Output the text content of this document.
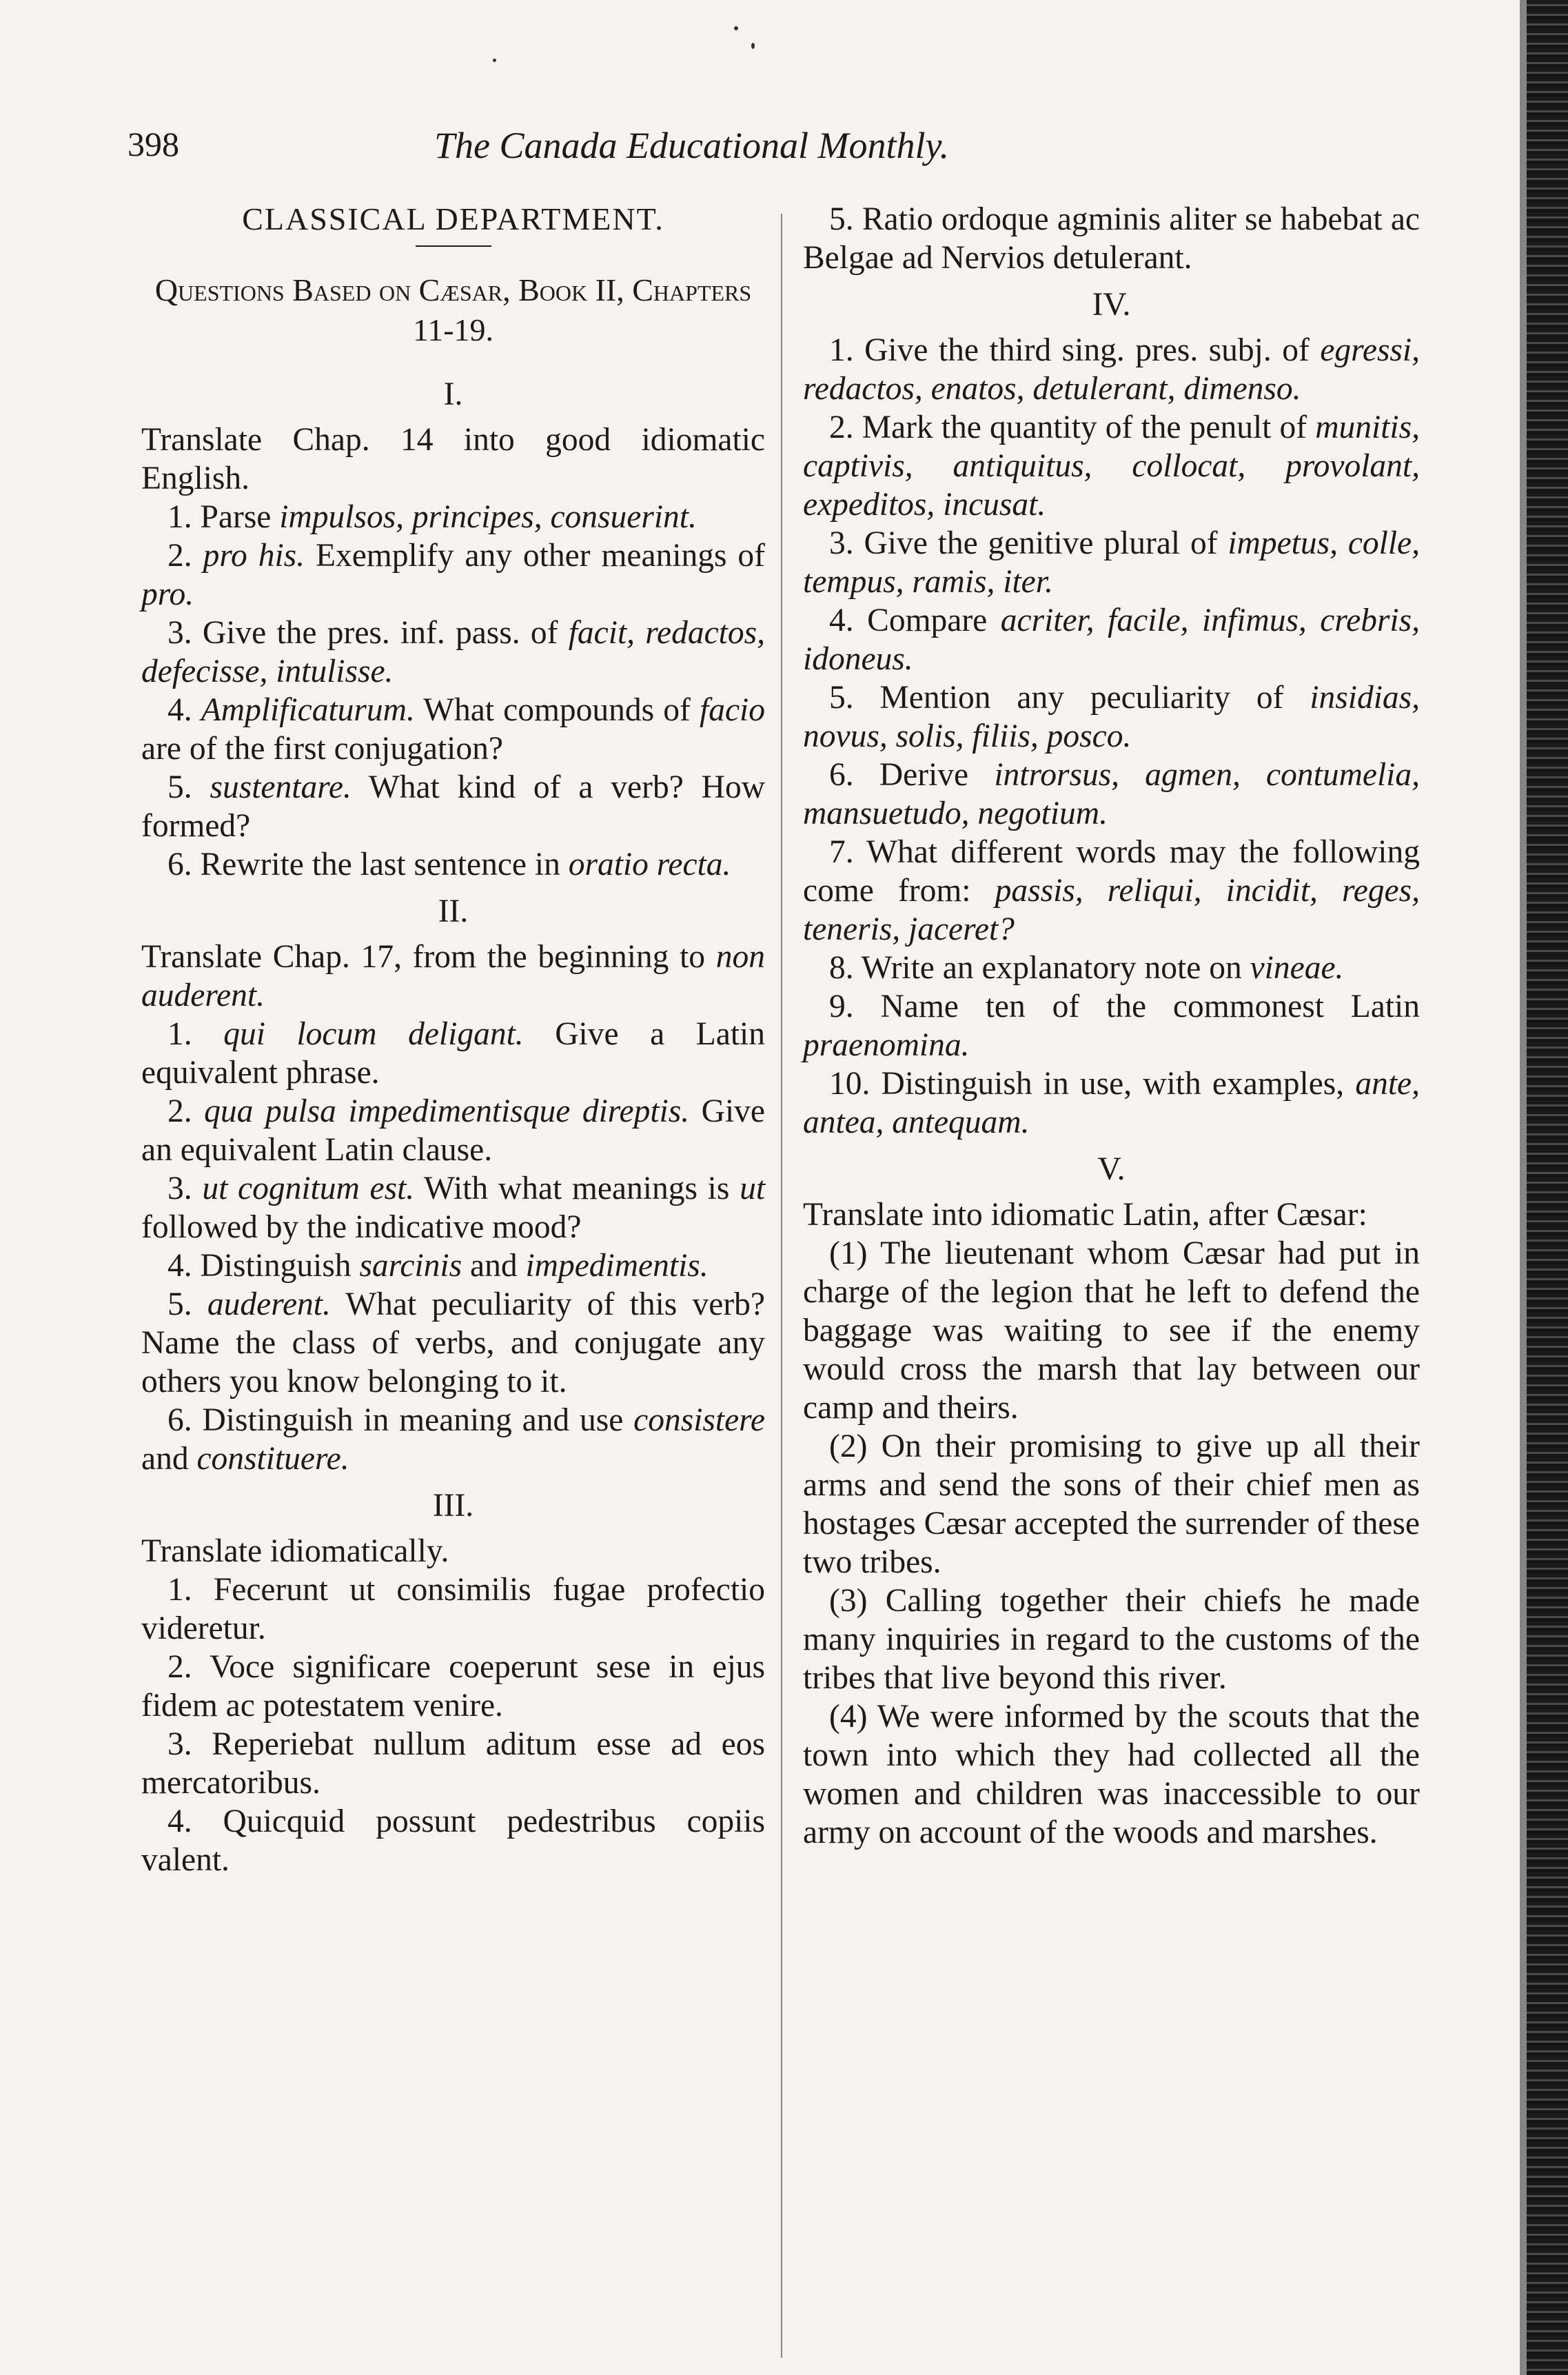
398	The Canada Educational Monthly.
CLASSICAL DEPARTMENT.
Questions Based on Cæsar, Book II, Chapters 11-19.
I.

Translate Chap. 14 into good idiomatic English.

1. Parse impulsos, principes, consuerint.

2. pro his. Exemplify any other meanings of pro.

3. Give the pres. inf. pass. of facit, redactos, defecisse, intulisse.

4. Amplificaturum. What compounds of facio are of the first conjugation?

5. sustentare. What kind of a verb? How formed?

6. Rewrite the last sentence in oratio recta.

II.

Translate Chap. 17, from the beginning to non auderent.

1. qui locum deligant. Give a Latin equivalent phrase.

2. qua pulsa impedimentisque direptis. Give an equivalent Latin clause.

3. ut cognitum est. With what meanings is ut followed by the indicative mood?

4. Distinguish sarcinis and impedimentis.

5. auderent. What peculiarity of this verb? Name the class of verbs, and conjugate any others you know belonging to it.

6. Distinguish in meaning and use consistere and constituere.

III.

Translate idiomatically.

1. Fecerunt ut consimilis fugae profectio videretur.

2. Voce significare coeperunt sese in ejus fidem ac potestatem venire.

3. Reperiebat nullum aditum esse ad eos mercatoribus.

4. Quicquid possunt pedestribus copiis valent.

5. Ratio ordoque agminis aliter se habebat ac Belgae ad Nervios detulerant.

IV.

1. Give the third sing. pres. subj. of egressi, redactos, enatos, detulerant, dimenso.

2. Mark the quantity of the penult of munitis, captivis, antiquitus, collocat, provolant, expeditos, incusat.

3. Give the genitive plural of impetus, colle, tempus, ramis, iter.

4. Compare acriter, facile, infimus, crebris, idoneus.

5. Mention any peculiarity of insidias, novus, solis, filiis, posco.

6. Derive introrsus, agmen, contumelia, mansuetudo, negotium.

7. What different words may the following come from: passis, reliqui, incidit, reges, teneris, jaceret?

8. Write an explanatory note on vineae.

9. Name ten of the commonest Latin praenomina.

10. Distinguish in use, with examples, ante, antea, antequam.

V.

Translate into idiomatic Latin, after Cæsar:

(1) The lieutenant whom Cæsar had put in charge of the legion that he left to defend the baggage was waiting to see if the enemy would cross the marsh that lay between our camp and theirs.

(2) On their promising to give up all their arms and send the sons of their chief men as hostages Cæsar accepted the surrender of these two tribes.

(3) Calling together their chiefs he made many inquiries in regard to the customs of the tribes that live beyond this river.

(4) We were informed by the scouts that the town into which they had collected all the women and children was inaccessible to our army on account of the woods and marshes.
